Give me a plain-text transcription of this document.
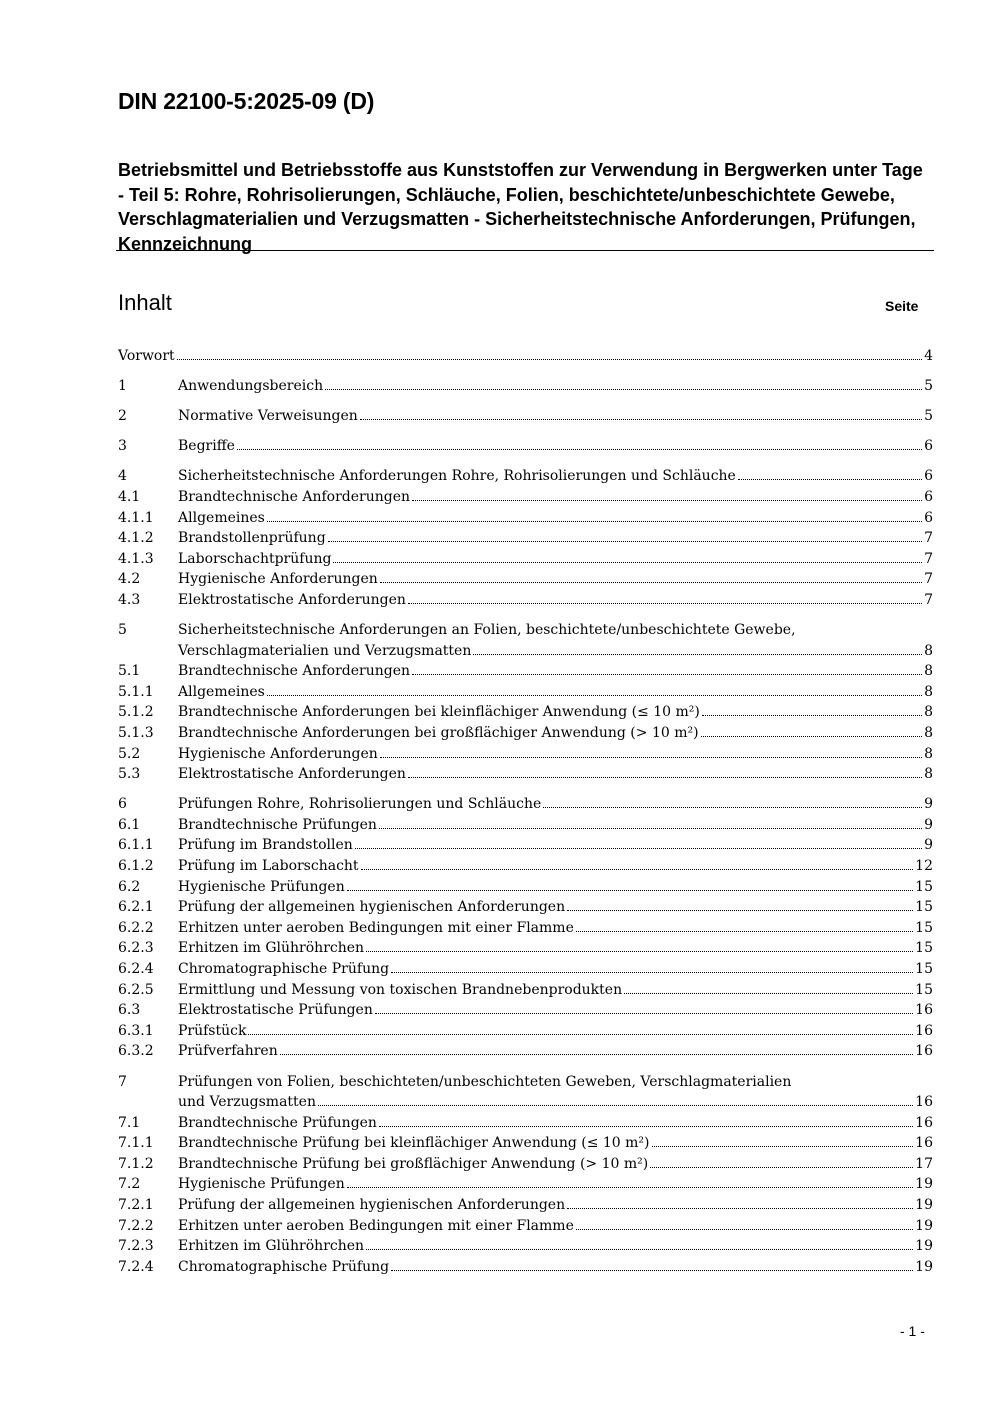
DIN 22100-5:2025-09 (D)
Betriebsmittel und Betriebsstoffe aus Kunststoffen zur Verwendung in Bergwerken unter Tage - Teil 5: Rohre, Rohrisolierungen, Schläuche, Folien, beschichtete/unbeschichtete Gewebe, Verschlagmaterialien und Verzugsmatten - Sicherheitstechnische Anforderungen, Prüfungen, Kennzeichnung
Inhalt	Seite
Vorwort	4
1	Anwendungsbereich	5
2	Normative Verweisungen	5
3	Begriffe	6
4	Sicherheitstechnische Anforderungen Rohre, Rohrisolierungen und Schläuche	6
4.1	Brandtechnische Anforderungen	6
4.1.1	Allgemeines	6
4.1.2	Brandstollenprüfung	7
4.1.3	Laborschachtprüfung	7
4.2	Hygienische Anforderungen	7
4.3	Elektrostatische Anforderungen	7
5	Sicherheitstechnische Anforderungen an Folien, beschichtete/unbeschichtete Gewebe,
Verschlagmaterialien und Verzugsmatten	8
5.1	Brandtechnische Anforderungen	8
5.1.1	Allgemeines	8
5.1.2	Brandtechnische Anforderungen bei kleinflächiger Anwendung (≤ 10 m²)	8
5.1.3	Brandtechnische Anforderungen bei großflächiger Anwendung (> 10 m²)	8
5.2	Hygienische Anforderungen	8
5.3	Elektrostatische Anforderungen	8
6	Prüfungen Rohre, Rohrisolierungen und Schläuche	9
6.1	Brandtechnische Prüfungen	9
6.1.1	Prüfung im Brandstollen	9
6.1.2	Prüfung im Laborschacht	12
6.2	Hygienische Prüfungen	15
6.2.1	Prüfung der allgemeinen hygienischen Anforderungen	15
6.2.2	Erhitzen unter aeroben Bedingungen mit einer Flamme	15
6.2.3	Erhitzen im Glühröhrchen	15
6.2.4	Chromatographische Prüfung	15
6.2.5	Ermittlung und Messung von toxischen Brandnebenprodukten	15
6.3	Elektrostatische Prüfungen	16
6.3.1	Prüfstück	16
6.3.2	Prüfverfahren	16
7	Prüfungen von Folien, beschichteten/unbeschichteten Geweben, Verschlagmaterialien
und Verzugsmatten	16
7.1	Brandtechnische Prüfungen	16
7.1.1	Brandtechnische Prüfung bei kleinflächiger Anwendung (≤ 10 m²)	16
7.1.2	Brandtechnische Prüfung bei großflächiger Anwendung (> 10 m²)	17
7.2	Hygienische Prüfungen	19
7.2.1	Prüfung der allgemeinen hygienischen Anforderungen	19
7.2.2	Erhitzen unter aeroben Bedingungen mit einer Flamme	19
7.2.3	Erhitzen im Glühröhrchen	19
7.2.4	Chromatographische Prüfung	19
- 1 -
